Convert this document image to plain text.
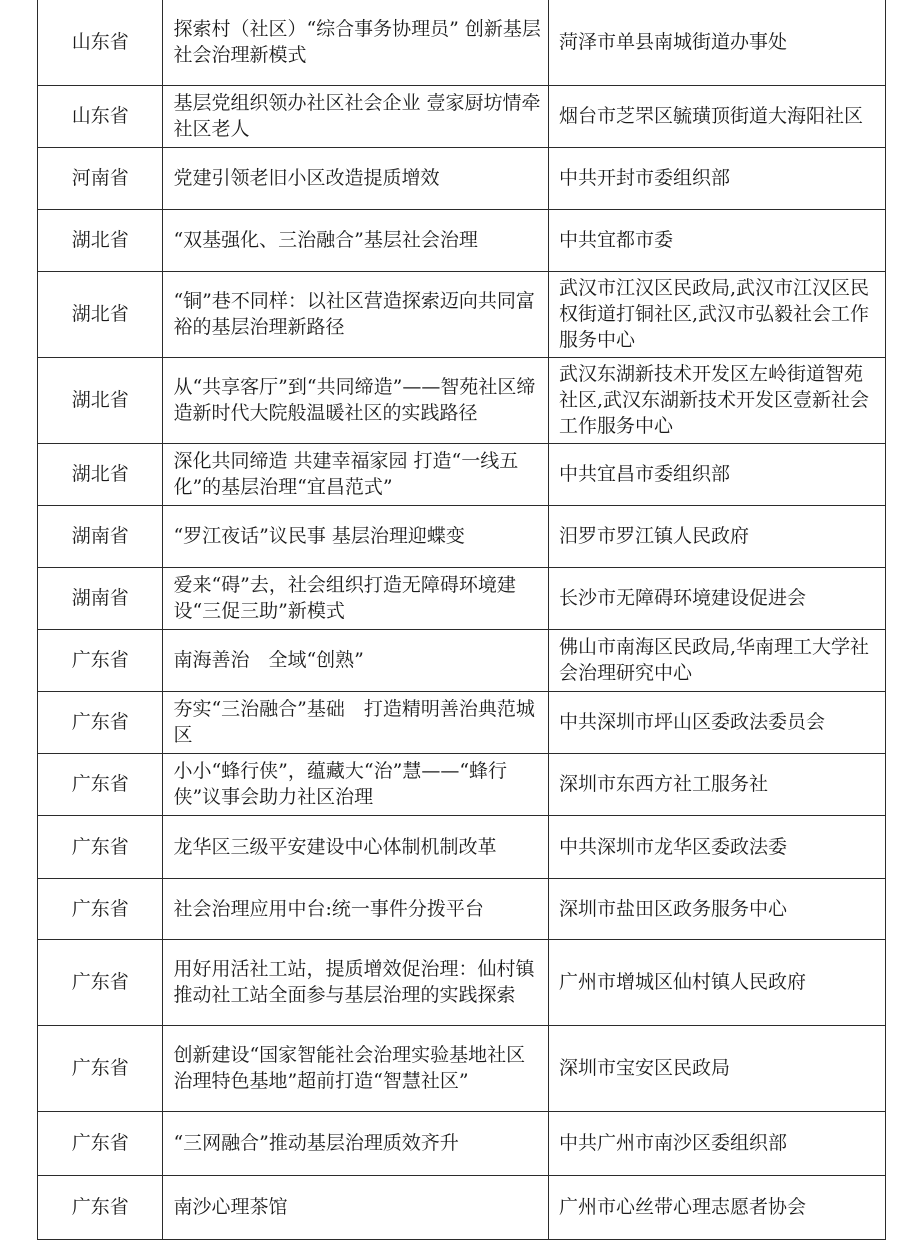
山东省	探索村（社区）“综合事务协理员” 创新基层社会治理新模式	菏泽市单县南城街道办事处
山东省	基层党组织领办社区社会企业 壹家厨坊情牵社区老人	烟台市芝罘区毓璜顶街道大海阳社区
河南省	党建引领老旧小区改造提质增效	中共开封市委组织部
湖北省	“双基强化、三治融合”基层社会治理	中共宜都市委
湖北省	“铜”巷不同样：以社区营造探索迈向共同富裕的基层治理新路径	武汉市江汉区民政局,武汉市江汉区民权街道打铜社区,武汉市弘毅社会工作服务中心
湖北省	从“共享客厅”到“共同缔造”——智苑社区缔造新时代大院般温暖社区的实践路径	武汉东湖新技术开发区左岭街道智苑社区,武汉东湖新技术开发区壹新社会工作服务中心
湖北省	深化共同缔造 共建幸福家园 打造“一线五化”的基层治理“宜昌范式”	中共宜昌市委组织部
湖南省	“罗江夜话”议民事 基层治理迎蝶变	汨罗市罗江镇人民政府
湖南省	爱来“碍”去，社会组织打造无障碍环境建设“三促三助”新模式	长沙市无障碍环境建设促进会
广东省	南海善治　全域“创熟”	佛山市南海区民政局,华南理工大学社会治理研究中心
广东省	夯实“三治融合”基础　打造精明善治典范城区	中共深圳市坪山区委政法委员会
广东省	小小“蜂行侠”，蕴藏大“治”慧——“蜂行侠”议事会助力社区治理	深圳市东西方社工服务社
广东省	龙华区三级平安建设中心体制机制改革	中共深圳市龙华区委政法委
广东省	社会治理应用中台:统一事件分拨平台	深圳市盐田区政务服务中心
广东省	用好用活社工站，提质增效促治理：仙村镇推动社工站全面参与基层治理的实践探索	广州市增城区仙村镇人民政府
广东省	创新建设“国家智能社会治理实验基地社区治理特色基地”超前打造“智慧社区”	深圳市宝安区民政局
广东省	“三网融合”推动基层治理质效齐升	中共广州市南沙区委组织部
广东省	南沙心理茶馆	广州市心丝带心理志愿者协会
